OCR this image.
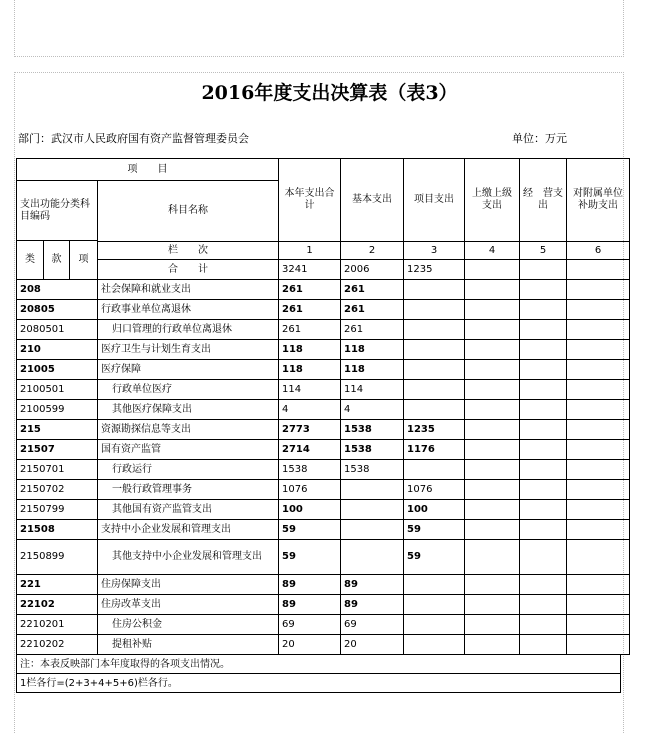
2016年度支出决算表（表3）
部门：武汉市人民政府国有资产监督管理委员会	单位：万元
项　　目				本年支出合计	基本支出	项目支出	上缴上级支出	经　营支出	对附属单位补助支出
支出功能分类科目编码			科目名称						
类	款	项							
			栏　　次	1	2	3	4	5	6
			合　　计	3241	2006	1235			
208			社会保障和就业支出	261	261				
20805			行政事业单位离退休	261	261				
2080501			归口管理的行政单位离退休	261	261				
210			医疗卫生与计划生育支出	118	118				
21005			医疗保障	118	118				
2100501			行政单位医疗	114	114				
2100599			其他医疗保障支出	4	4				
215			资源勘探信息等支出	2773	1538	1235			
21507			国有资产监管	2714	1538	1176			
2150701			行政运行	1538	1538				
2150702			一般行政管理事务	1076		1076			
2150799			其他国有资产监管支出	100		100			
21508			支持中小企业发展和管理支出	59		59			
2150899			其他支持中小企业发展和管理支出	59		59			
221			住房保障支出	89	89				
22102			住房改革支出	89	89				
2210201			住房公积金	69	69				
2210202			提租补贴	20	20				
注：本表反映部门本年度取得的各项支出情况。
1栏各行=(2+3+4+5+6)栏各行。
